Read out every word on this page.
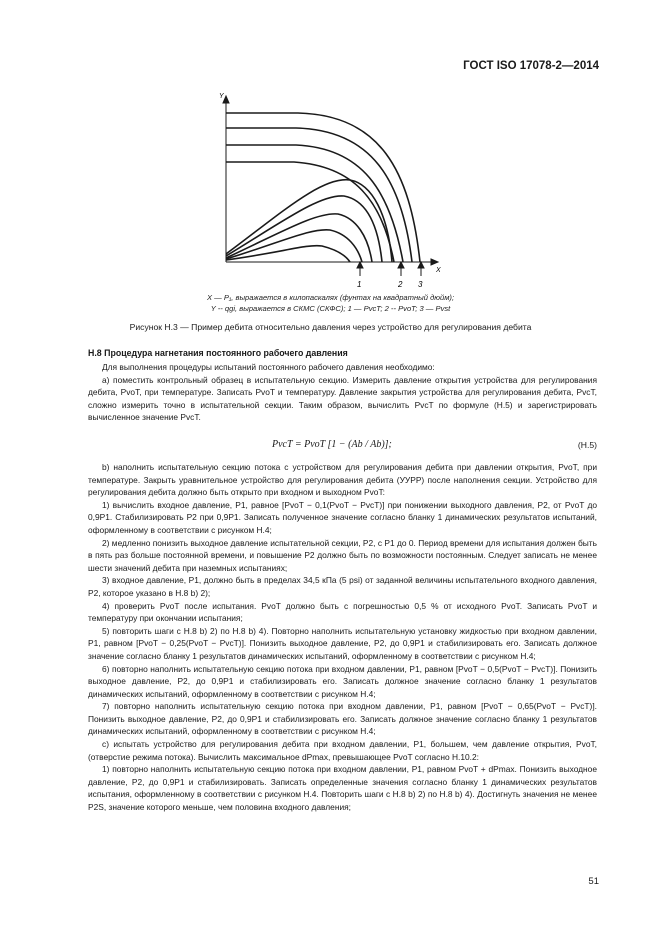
ГОСТ ISO 17078-2—2014
Y
X
1	2 3
X — P₁, выражается в килопаскалях (фунтах на квадратный дюйм);
Y -- qgi, выражается в СКМС (СКФС); 1 — PvcT; 2 -- PvoT; 3 — Pvst
Рисунок Н.3 — Пример дебита относительно давления через устройство для регулирования дебита
Н.8 Процедура нагнетания постоянного рабочего давления

Для выполнения процедуры испытаний постоянного рабочего давления необходимо:

а) поместить контрольный образец в испытательную секцию. Измерить давление открытия устройства для регулирования дебита, PvoT, при температуре. Записать PvoT и температуру. Давление закрытия устройства для регулирования дебита, PvcT, сложно измерить точно в испытательной секции. Таким образом, вычислить PvcT по формуле (Н.5) и зарегистрировать вычисленное значение PvcT.

PvcT = PvoT [1 − (Ab / Ab)];	(Н.5)

b) наполнить испытательную секцию потока с устройством для регулирования дебита при давлении открытия, PvoT, при температуре. Закрыть уравнительное устройство для регулирования дебита (УУРР) после наполнения секции. Устройство для регулирования дебита должно быть открыто при входном и выходном PvoT:

1) вычислить входное давление, P1, равное [PvoT − 0,1(PvoT − PvcT)] при понижении выходного давления, P2, от PvoT до 0,9P1. Стабилизировать P2 при 0,9P1. Записать полученное значение согласно бланку 1 динамических результатов испытаний, оформленному в соответствии с рисунком Н.4;

2) медленно понизить выходное давление испытательной секции, P2, с P1 до 0. Период времени для испытания должен быть в пять раз больше постоянной времени, и повышение P2 должно быть по возможности постоянным. Следует записать не менее шести значений дебита при наземных испытаниях;

3) входное давление, P1, должно быть в пределах 34,5 кПа (5 psi) от заданной величины испытательного входного давления, P2, которое указано в Н.8 b) 2);

4) проверить PvoT после испытания. PvoT должно быть с погрешностью 0,5 % от исходного PvoT. Записать PvoT и температуру при окончании испытания;

5) повторить шаги с Н.8 b) 2) по Н.8 b) 4). Повторно наполнить испытательную установку жидкостью при входном давлении, P1, равном [PvoT − 0,25(PvoT − PvcT)]. Понизить выходное давление, P2, до 0,9P1 и стабилизировать его. Записать должное значение согласно бланку 1 результатов динамических испытаний, оформленному в соответствии с рисунком Н.4;

6) повторно наполнить испытательную секцию потока при входном давлении, P1, равном [PvoT − 0,5(PvoT − PvcT)]. Понизить выходное давление, P2, до 0,9P1 и стабилизировать его. Записать должное значение согласно бланку 1 результатов динамических испытаний, оформленному в соответствии с рисунком Н.4;

7) повторно наполнить испытательную секцию потока при входном давлении, P1, равном [PvoT − 0,65(PvoT − PvcT)]. Понизить выходное давление, P2, до 0,9P1 и стабилизировать его. Записать должное значение согласно бланку 1 результатов динамических испытаний, оформленному в соответствии с рисунком Н.4;

с) испытать устройство для регулирования дебита при входном давлении, P1, большем, чем давление открытия, PvoT, (отверстие режима потока). Вычислить максимальное dPmax, превышающее PvoT согласно Н.10.2:

1) повторно наполнить испытательную секцию потока при входном давлении, P1, равном PvoT + dPmax. Понизить выходное давление, P2, до 0,9P1 и стабилизировать. Записать определенные значения согласно бланку 1 динамических результатов испытания, оформленному в соответствии с рисунком Н.4. Повторить шаги с Н.8 b) 2) по Н.8 b) 4). Достигнуть значения не менее P2S, значение которого меньше, чем половина входного давления;

51
